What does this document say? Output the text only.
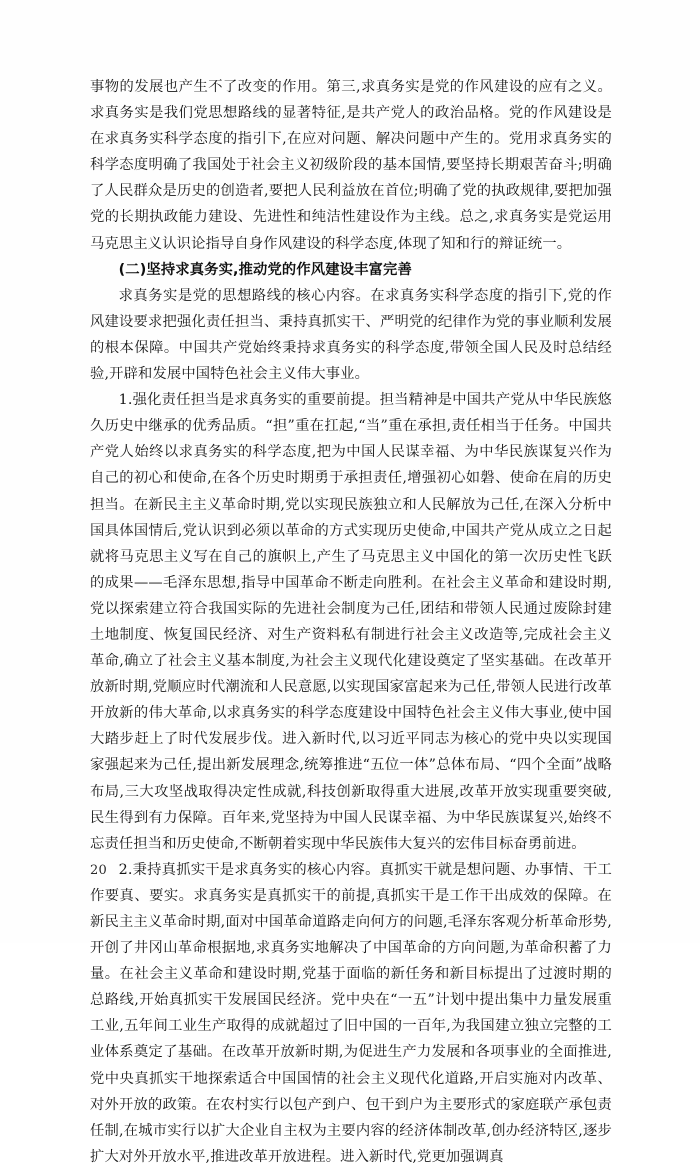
事物的发展也产生不了改变的作用。第三,求真务实是党的作风建设的应有之义。求真务实是我们党思想路线的显著特征,是共产党人的政治品格。党的作风建设是在求真务实科学态度的指引下,在应对问题、解决问题中产生的。党用求真务实的科学态度明确了我国处于社会主义初级阶段的基本国情,要坚持长期艰苦奋斗;明确了人民群众是历史的创造者,要把人民利益放在首位;明确了党的执政规律,要把加强党的长期执政能力建设、先进性和纯洁性建设作为主线。总之,求真务实是党运用马克思主义认识论指导自身作风建设的科学态度,体现了知和行的辩证统一。

(二)坚持求真务实,推动党的作风建设丰富完善

求真务实是党的思想路线的核心内容。在求真务实科学态度的指引下,党的作风建设要求把强化责任担当、秉持真抓实干、严明党的纪律作为党的事业顺利发展的根本保障。中国共产党始终秉持求真务实的科学态度,带领全国人民及时总结经验,开辟和发展中国特色社会主义伟大事业。

1.强化责任担当是求真务实的重要前提。担当精神是中国共产党从中华民族悠久历史中继承的优秀品质。“担”重在扛起,“当”重在承担,责任相当于任务。中国共产党人始终以求真务实的科学态度,把为中国人民谋幸福、为中华民族谋复兴作为自己的初心和使命,在各个历史时期勇于承担责任,增强初心如磐、使命在肩的历史担当。在新民主主义革命时期,党以实现民族独立和人民解放为己任,在深入分析中国具体国情后,党认识到必须以革命的方式实现历史使命,中国共产党从成立之日起就将马克思主义写在自己的旗帜上,产生了马克思主义中国化的第一次历史性飞跃的成果——毛泽东思想,指导中国革命不断走向胜利。在社会主义革命和建设时期,党以探索建立符合我国实际的先进社会制度为己任,团结和带领人民通过废除封建土地制度、恢复国民经济、对生产资料私有制进行社会主义改造等,完成社会主义革命,确立了社会主义基本制度,为社会主义现代化建设奠定了坚实基础。在改革开放新时期,党顺应时代潮流和人民意愿,以实现国家富起来为己任,带领人民进行改革开放新的伟大革命,以求真务实的科学态度建设中国特色社会主义伟大事业,使中国大踏步赶上了时代发展步伐。进入新时代,以习近平同志为核心的党中央以实现国家强起来为己任,提出新发展理念,统筹推进“五位一体”总体布局、“四个全面”战略布局,三大攻坚战取得决定性成就,科技创新取得重大进展,改革开放实现重要突破,民生得到有力保障。百年来,党坚持为中国人民谋幸福、为中华民族谋复兴,始终不忘责任担当和历史使命,不断朝着实现中华民族伟大复兴的宏伟目标奋勇前进。

2.秉持真抓实干是求真务实的核心内容。真抓实干就是想问题、办事情、干工作要真、要实。求真务实是真抓实干的前提,真抓实干是工作干出成效的保障。在新民主主义革命时期,面对中国革命道路走向何方的问题,毛泽东客观分析革命形势,开创了井冈山革命根据地,求真务实地解决了中国革命的方向问题,为革命积蓄了力量。在社会主义革命和建设时期,党基于面临的新任务和新目标提出了过渡时期的总路线,开始真抓实干发展国民经济。党中央在“一五”计划中提出集中力量发展重工业,五年间工业生产取得的成就超过了旧中国的一百年,为我国建立独立完整的工业体系奠定了基础。在改革开放新时期,为促进生产力发展和各项事业的全面推进,党中央真抓实干地探索适合中国国情的社会主义现代化道路,开启实施对内改革、对外开放的政策。在农村实行以包产到户、包干到户为主要形式的家庭联产承包责任制,在城市实行以扩大企业自主权为主要内容的经济体制改革,创办经济特区,逐步扩大对外开放水平,推进改革开放进程。进入新时代,党更加强调真

20
